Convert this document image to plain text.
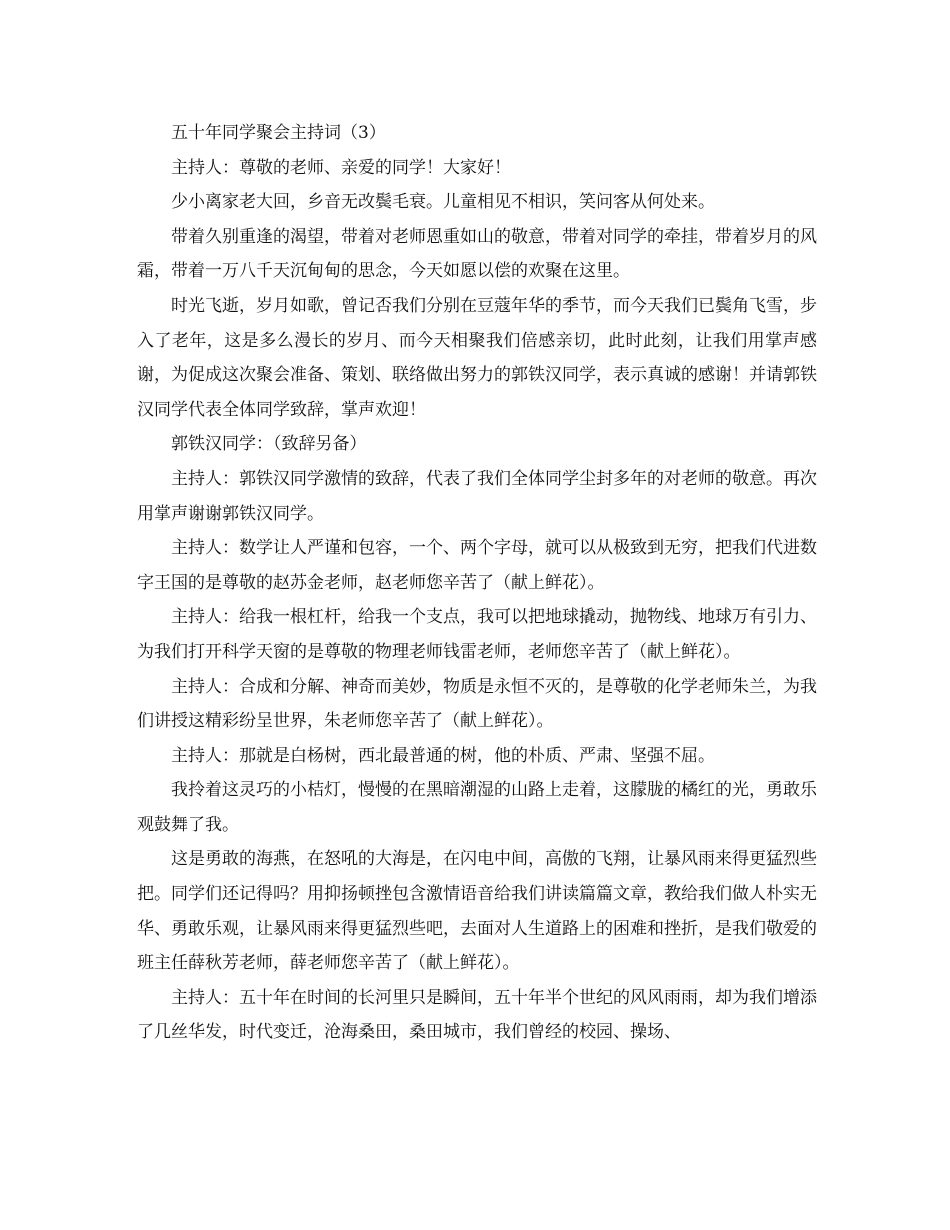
五十年同学聚会主持词（3）

主持人：尊敬的老师、亲爱的同学！大家好！

少小离家老大回，乡音无改鬓毛衰。儿童相见不相识，笑问客从何处来。

带着久别重逢的渴望，带着对老师恩重如山的敬意，带着对同学的牵挂，带着岁月的风霜，带着一万八千天沉甸甸的思念，今天如愿以偿的欢聚在这里。

时光飞逝，岁月如歌，曾记否我们分别在豆蔻年华的季节，而今天我们已鬓角飞雪，步入了老年，这是多么漫长的岁月、而今天相聚我们倍感亲切，此时此刻，让我们用掌声感谢，为促成这次聚会准备、策划、联络做出努力的郭铁汉同学，表示真诚的感谢！并请郭铁汉同学代表全体同学致辞，掌声欢迎！

郭铁汉同学：（致辞另备）

主持人：郭铁汉同学激情的致辞，代表了我们全体同学尘封多年的对老师的敬意。再次用掌声谢谢郭铁汉同学。

主持人：数学让人严谨和包容，一个、两个字母，就可以从极致到无穷，把我们代进数字王国的是尊敬的赵苏金老师，赵老师您辛苦了（献上鲜花）。

主持人：给我一根杠杆，给我一个支点，我可以把地球撬动，抛物线、地球万有引力、为我们打开科学天窗的是尊敬的物理老师钱雷老师，老师您辛苦了（献上鲜花）。

主持人：合成和分解、神奇而美妙，物质是永恒不灭的，是尊敬的化学老师朱兰，为我们讲授这精彩纷呈世界，朱老师您辛苦了（献上鲜花）。

主持人：那就是白杨树，西北最普通的树，他的朴质、严肃、坚强不屈。

我拎着这灵巧的小桔灯，慢慢的在黑暗潮湿的山路上走着，这朦胧的橘红的光，勇敢乐观鼓舞了我。

这是勇敢的海燕，在怒吼的大海是，在闪电中间，高傲的飞翔，让暴风雨来得更猛烈些把。同学们还记得吗？用抑扬顿挫包含激情语音给我们讲读篇篇文章，教给我们做人朴实无华、勇敢乐观，让暴风雨来得更猛烈些吧，去面对人生道路上的困难和挫折，是我们敬爱的班主任薛秋芳老师，薛老师您辛苦了（献上鲜花）。

主持人：五十年在时间的长河里只是瞬间，五十年半个世纪的风风雨雨，却为我们增添了几丝华发，时代变迁，沧海桑田，桑田城市，我们曾经的校园、操场、
